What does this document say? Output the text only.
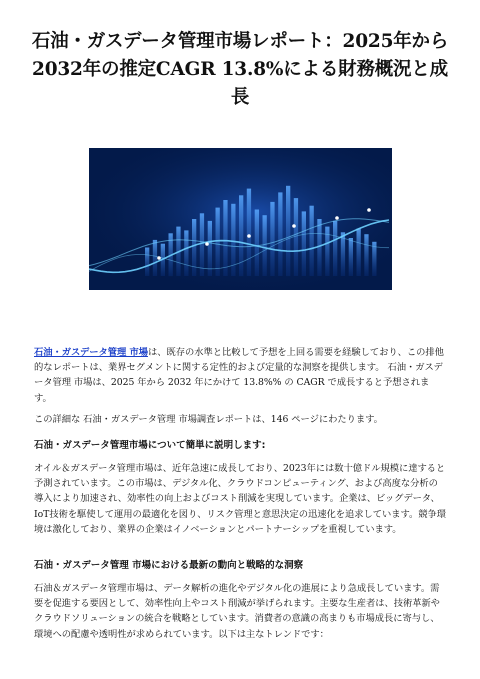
石油・ガスデータ管理市場レポート：2025年から2032年の推定CAGR 13.8%による財務概況と成長

石油・ガスデータ管理 市場は、既存の水準と比較して予想を上回る需要を経験しており、この排他的なレポートは、業界セグメントに関する定性的および定量的な洞察を提供します。 石油・ガスデータ管理 市場は、2025 年から 2032 年にかけて 13.8%% の CAGR で成長すると予想されます。

この詳細な 石油・ガスデータ管理 市場調査レポートは、146 ページにわたります。

石油・ガスデータ管理市場について簡単に説明します:

オイル＆ガスデータ管理市場は、近年急速に成長しており、2023年には数十億ドル規模に達すると予測されています。この市場は、デジタル化、クラウドコンピューティング、および高度な分析の導入により加速され、効率性の向上およびコスト削減を実現しています。企業は、ビッグデータ、IoT技術を駆使して運用の最適化を図り、リスク管理と意思決定の迅速化を追求しています。競争環境は激化しており、業界の企業はイノベーションとパートナーシップを重視しています。

石油・ガスデータ管理 市場における最新の動向と戦略的な洞察

石油＆ガスデータ管理市場は、データ解析の進化やデジタル化の進展により急成長しています。需要を促進する要因として、効率性向上やコスト削減が挙げられます。主要な生産者は、技術革新やクラウドソリューションの統合を戦略としています。消費者の意識の高まりも市場成長に寄与し、環境への配慮や透明性が求められています。以下は主なトレンドです：
